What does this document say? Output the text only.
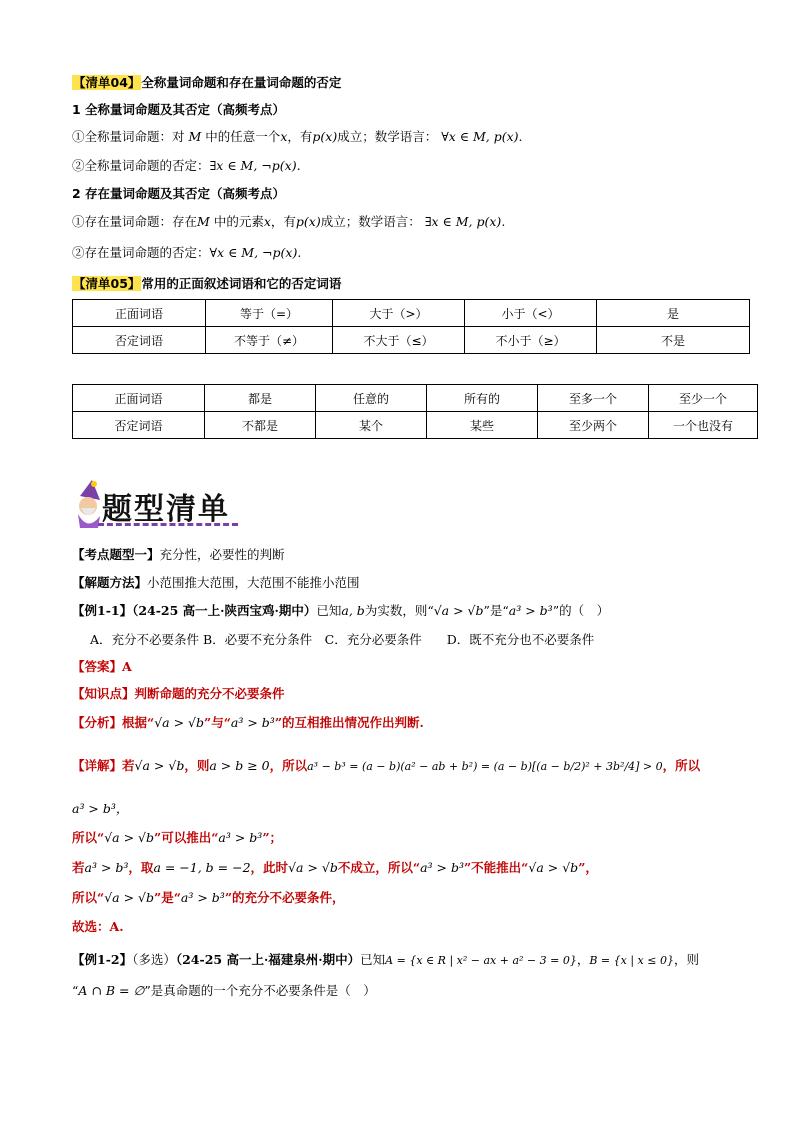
【清单04】全称量词命题和存在量词命题的否定
1 全称量词命题及其否定（高频考点）
①全称量词命题：对 M 中的任意一个x，有p(x)成立；数学语言： ∀x ∈ M, p(x).
②全称量词命题的否定：∃x ∈ M, ¬p(x).
2 存在量词命题及其否定（高频考点）
①存在量词命题：存在M 中的元素x，有p(x)成立；数学语言： ∃x ∈ M, p(x).
②存在量词命题的否定：∀x ∈ M, ¬p(x).
【清单05】常用的正面叙述词语和它的否定词语
正面词语	等于（=）	大于（>）	小于（<）	是
否定词语	不等于（≠）	不大于（≤）	不小于（≥）	不是
正面词语	都是	任意的	所有的	至多一个	至少一个
否定词语	不都是	某个	某些	至少两个	一个也没有
题型清单
【考点题型一】充分性，必要性的判断
【解题方法】小范围推大范围，大范围不能推小范围
【例1-1】（24-25 高一上·陕西宝鸡·期中）已知a, b为实数，则“√a > √b”是“a³ > b³”的（　）
A．充分不必要条件 B．必要不充分条件　C．充分必要条件　　D．既不充分也不必要条件
【答案】A
【知识点】判断命题的充分不必要条件
【分析】根据“√a > √b”与“a³ > b³”的互相推出情况作出判断.
【详解】若√a > √b，则a > b ≥ 0，所以a³ − b³ = (a − b)(a² − ab + b²) = (a − b)[(a − b/2)² + 3b²/4] > 0，所以
a³ > b³，
所以“√a > √b”可以推出“a³ > b³”；
若a³ > b³，取a = −1, b = −2，此时√a > √b不成立，所以“a³ > b³”不能推出“√a > √b”，
所以“√a > √b”是“a³ > b³”的充分不必要条件，
故选：A.
【例1-2】（多选）（24-25 高一上·福建泉州·期中）已知A = {x ∈ R | x² − ax + a² − 3 = 0}，B = {x | x ≤ 0}，则
“A ∩ B = ∅”是真命题的一个充分不必要条件是（　）
